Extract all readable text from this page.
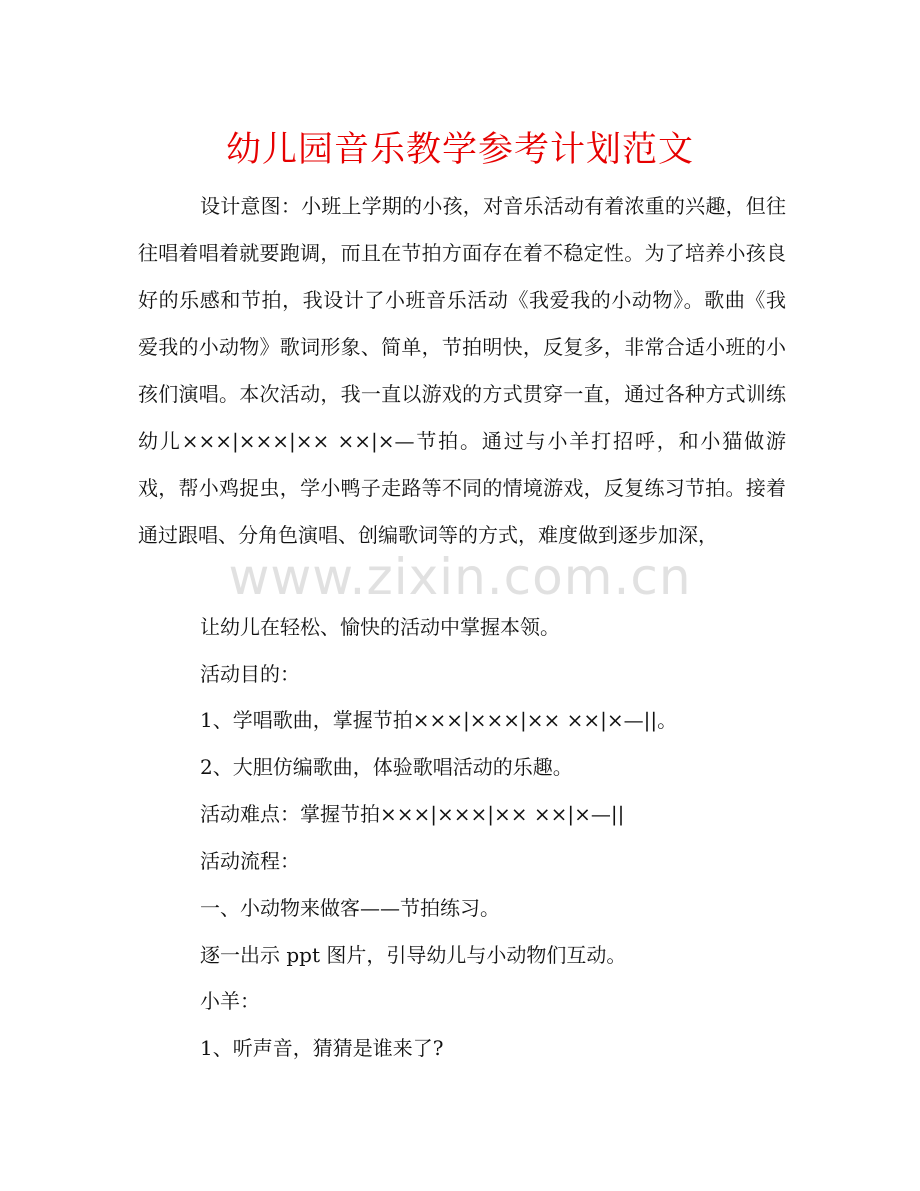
幼儿园音乐教学参考计划范文
设计意图：小班上学期的小孩，对音乐活动有着浓重的兴趣，但往往唱着唱着就要跑调，而且在节拍方面存在着不稳定性。为了培养小孩良好的乐感和节拍，我设计了小班音乐活动《我爱我的小动物》。歌曲《我爱我的小动物》歌词形象、简单，节拍明快，反复多，非常合适小班的小孩们演唱。本次活动，我一直以游戏的方式贯穿一直，通过各种方式训练幼儿×××|×××|×× ××|×—节拍。通过与小羊打招呼，和小猫做游戏，帮小鸡捉虫，学小鸭子走路等不同的情境游戏，反复练习节拍。接着通过跟唱、分角色演唱、创编歌词等的方式，难度做到逐步加深，
让幼儿在轻松、愉快的活动中掌握本领。
活动目的：
1、学唱歌曲，掌握节拍×××|×××|×× ××|×—||。
2、大胆仿编歌曲，体验歌唱活动的乐趣。
活动难点：掌握节拍×××|×××|×× ××|×—||
活动流程：
一、小动物来做客——节拍练习。
逐一出示 ppt 图片，引导幼儿与小动物们互动。
小羊：
1、听声音，猜猜是谁来了?
www.zixin.com.cn
